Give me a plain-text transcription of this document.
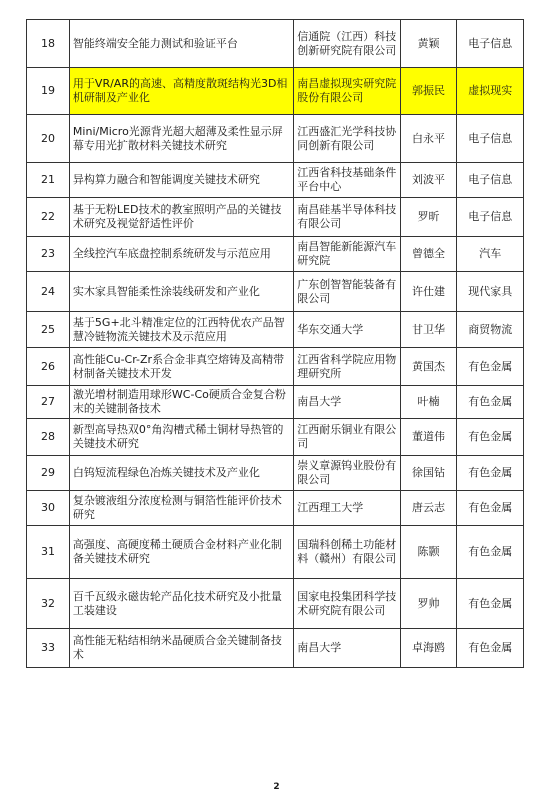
18	智能终端安全能力测试和验证平台	信通院（江西）科技创新研究院有限公司	黄颖	电子信息
19	用于VR/AR的高速、高精度散斑结构光3D相机研制及产业化	南昌虚拟现实研究院股份有限公司	郭振民	虚拟现实
20	Mini/Micro光源背光超大超薄及柔性显示屏幕专用光扩散材料关键技术研究	江西盛汇光学科技协同创新有限公司	白永平	电子信息
21	异构算力融合和智能调度关键技术研究	江西省科技基础条件平台中心	刘波平	电子信息
22	基于无粉LED技术的教室照明产品的关键技术研究及视觉舒适性评价	南昌硅基半导体科技有限公司	罗昕	电子信息
23	全线控汽车底盘控制系统研发与示范应用	南昌智能新能源汽车研究院	曾德全	汽车
24	实木家具智能柔性涂装线研发和产业化	广东创智智能装备有限公司	许仕建	现代家具
25	基于5G+北斗精准定位的江西特优农产品智慧冷链物流关键技术及示范应用	华东交通大学	甘卫华	商贸物流
26	高性能Cu-Cr-Zr系合金非真空熔铸及高精带材制备关键技术开发	江西省科学院应用物理研究所	黄国杰	有色金属
27	激光增材制造用球形WC-Co硬质合金复合粉末的关键制备技术	南昌大学	叶楠	有色金属
28	新型高导热双0°角沟槽式稀土铜材导热管的关键技术研究	江西耐乐铜业有限公司	董道伟	有色金属
29	白钨短流程绿色冶炼关键技术及产业化	崇义章源钨业股份有限公司	徐国钻	有色金属
30	复杂镀液组分浓度检测与铜箔性能评价技术研究	江西理工大学	唐云志	有色金属
31	高强度、高硬度稀土硬质合金材料产业化制备关键技术研究	国瑞科创稀土功能材料（赣州）有限公司	陈颢	有色金属
32	百千瓦级永磁齿轮产品化技术研究及小批量工装建设	国家电投集团科学技术研究院有限公司	罗帅	有色金属
33	高性能无粘结相纳米晶硬质合金关键制备技术	南昌大学	卓海鸥	有色金属
2
